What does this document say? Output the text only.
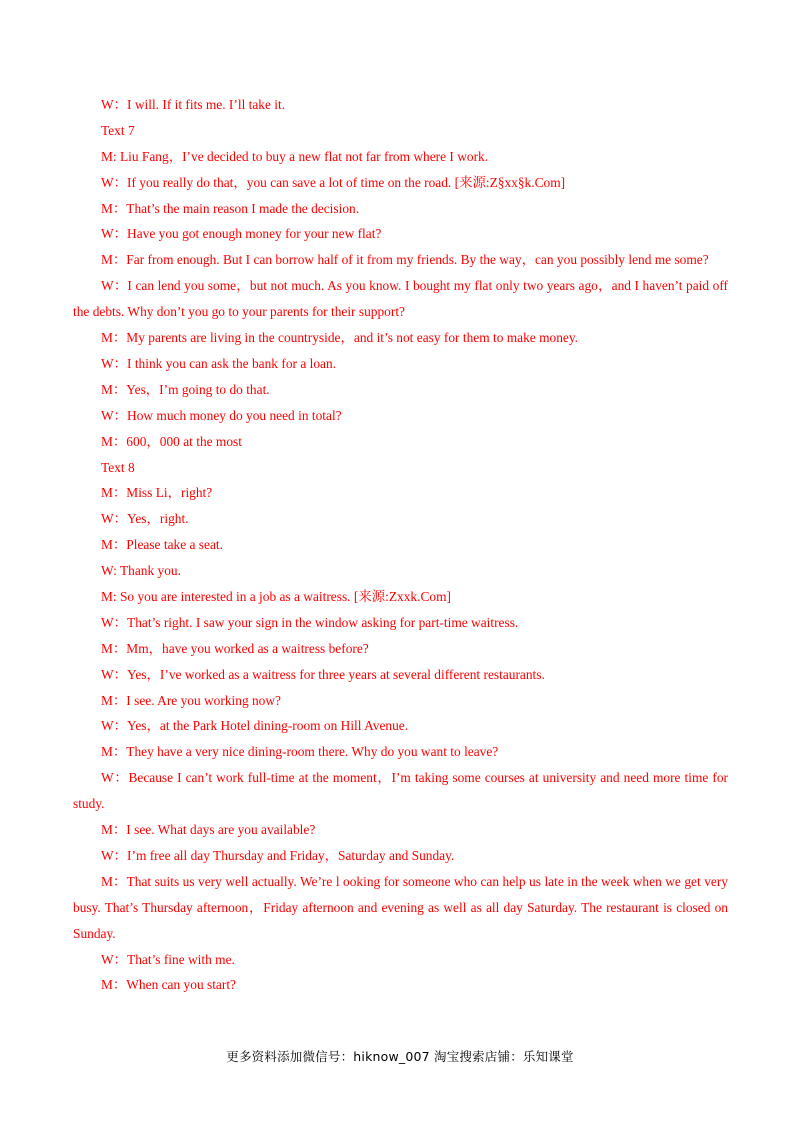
W：I will. If it fits me. I’ll take it.
Text 7
M: Liu Fang，I’ve decided to buy a new flat not far from where I work.
W：If you really do that，you can save a lot of time on the road. [来源:Z§xx§k.Com]
M：That’s the main reason I made the decision.
W：Have you got enough money for your new flat?
M：Far from enough. But I can borrow half of it from my friends. By the way，can you possibly lend me some?
W：I can lend you some，but not much. As you know. I bought my flat only two years ago，and I haven’t paid off the debts. Why don’t you go to your parents for their support?
M：My parents are living in the countryside，and it’s not easy for them to make money.
W：I think you can ask the bank for a loan.
M：Yes，I’m going to do that.
W：How much money do you need in total?
M：600，000 at the most
Text 8
M：Miss Li，right?
W：Yes，right.
M：Please take a seat.
W: Thank you.
M: So you are interested in a job as a waitress. [来源:Zxxk.Com]
W：That’s right. I saw your sign in the window asking for part-time waitress.
M：Mm，have you worked as a waitress before?
W：Yes，I’ve worked as a waitress for three years at several different restaurants.
M：I see. Are you working now?
W：Yes，at the Park Hotel dining-room on Hill Avenue.
M：They have a very nice dining-room there. Why do you want to leave?
W：Because I can’t work full-time at the moment，I’m taking some courses at university and need more time for study.
M：I see. What days are you available?
W：I’m free all day Thursday and Friday，Saturday and Sunday.
M：That suits us very well actually. We’re l ooking for someone who can help us late in the week when we get very busy. That’s Thursday afternoon，Friday afternoon and evening as well as all day Saturday. The restaurant is closed on Sunday.
W：That’s fine with me.
M：When can you start?
更多资料添加微信号：hiknow_007 淘宝搜索店铺：乐知课堂
